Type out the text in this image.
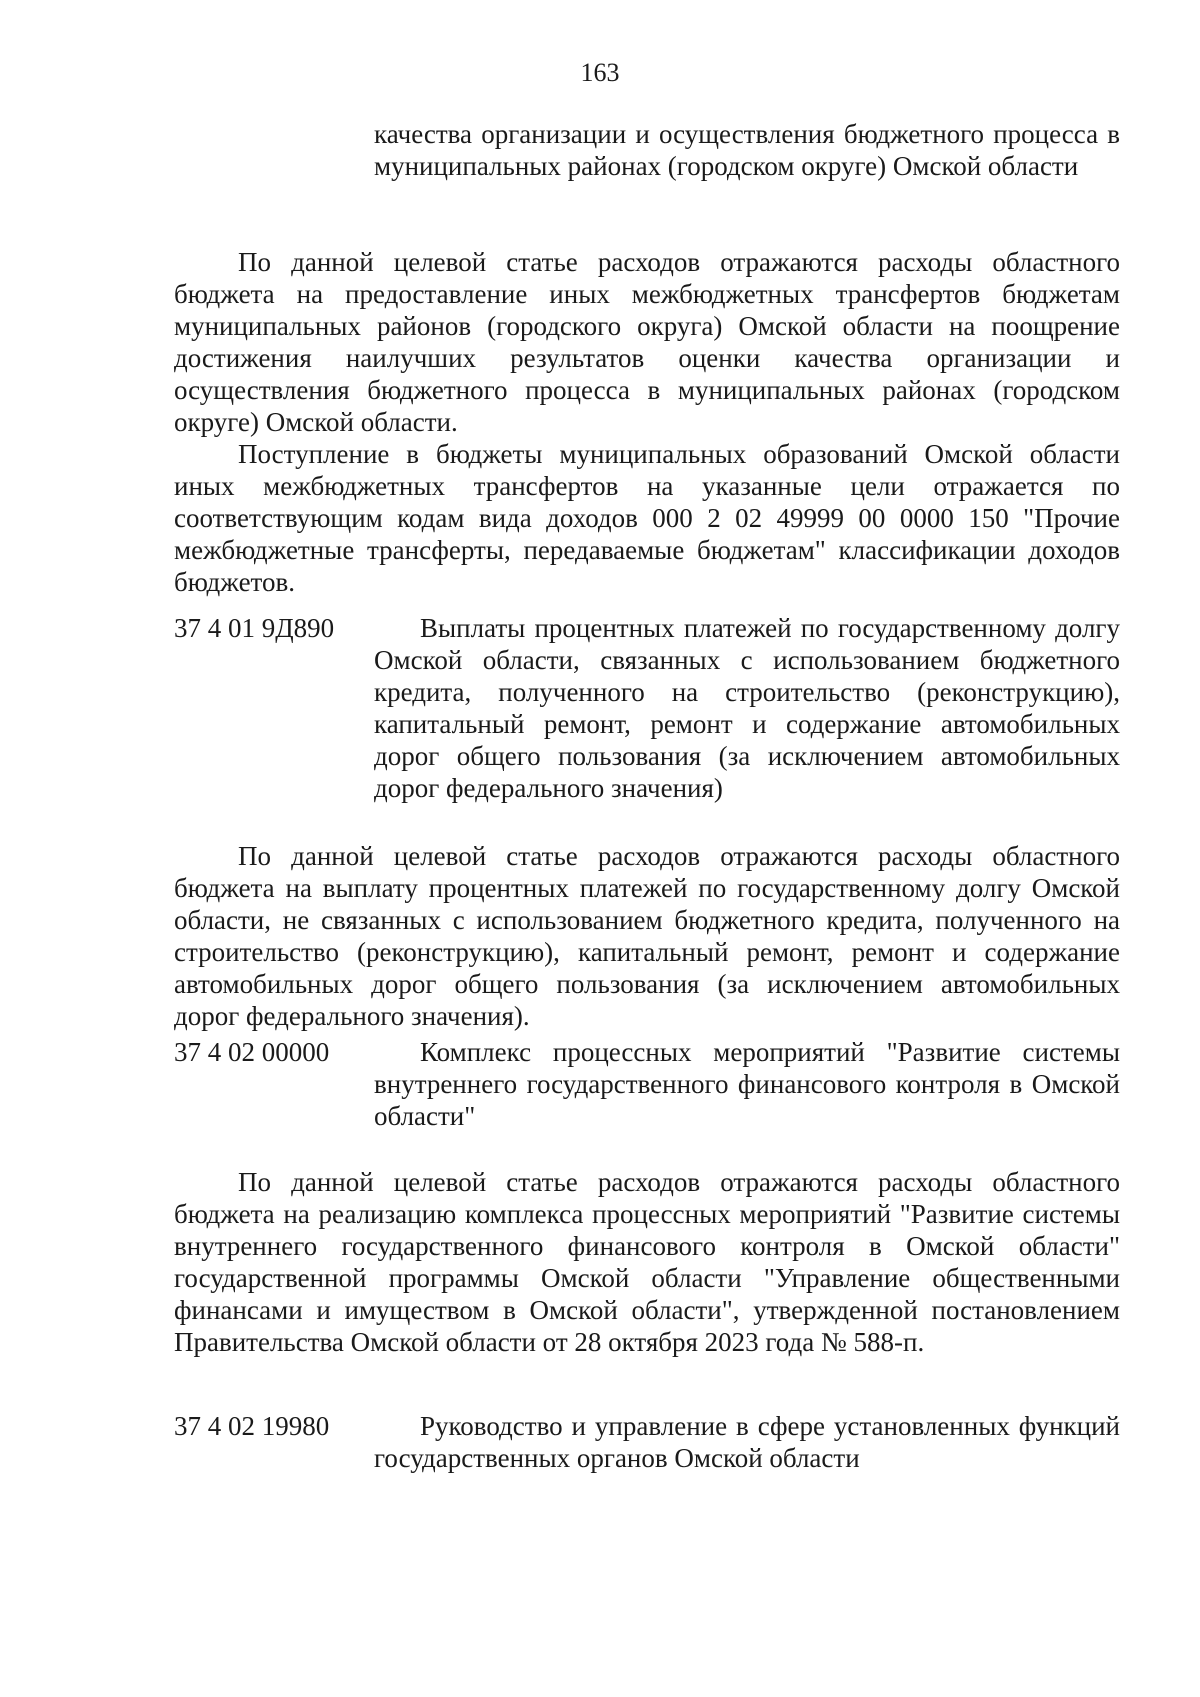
163
качества организации и осуществления бюджетного процесса в муниципальных районах (городском округе) Омской области
По данной целевой статье расходов отражаются расходы областного бюджета на предоставление иных межбюджетных трансфертов бюджетам муниципальных районов (городского округа) Омской области на поощрение достижения наилучших результатов оценки качества организации и осуществления бюджетного процесса в муниципальных районах (городском округе) Омской области.
Поступление в бюджеты муниципальных образований Омской области иных межбюджетных трансфертов на указанные цели отражается по соответствующим кодам вида доходов 000 2 02 49999 00 0000 150 "Прочие межбюджетные трансферты, передаваемые бюджетам" классификации доходов бюджетов.
37 4 01 9Д890	Выплаты процентных платежей по государственному долгу Омской области, связанных с использованием бюджетного кредита, полученного на строительство (реконструкцию), капитальный ремонт, ремонт и содержание автомобильных дорог общего пользования (за исключением автомобильных дорог федерального значения)
По данной целевой статье расходов отражаются расходы областного бюджета на выплату процентных платежей по государственному долгу Омской области, не связанных с использованием бюджетного кредита, полученного на строительство (реконструкцию), капитальный ремонт, ремонт и содержание автомобильных дорог общего пользования (за исключением автомобильных дорог федерального значения).
37 4 02 00000	Комплекс процессных мероприятий "Развитие системы внутреннего государственного финансового контроля в Омской области"
По данной целевой статье расходов отражаются расходы областного бюджета на реализацию комплекса процессных мероприятий "Развитие системы внутреннего государственного финансового контроля в Омской области" государственной программы Омской области "Управление общественными финансами и имуществом в Омской области", утвержденной постановлением Правительства Омской области от 28 октября 2023 года № 588-п.
37 4 02 19980	Руководство и управление в сфере установленных функций государственных органов Омской области
